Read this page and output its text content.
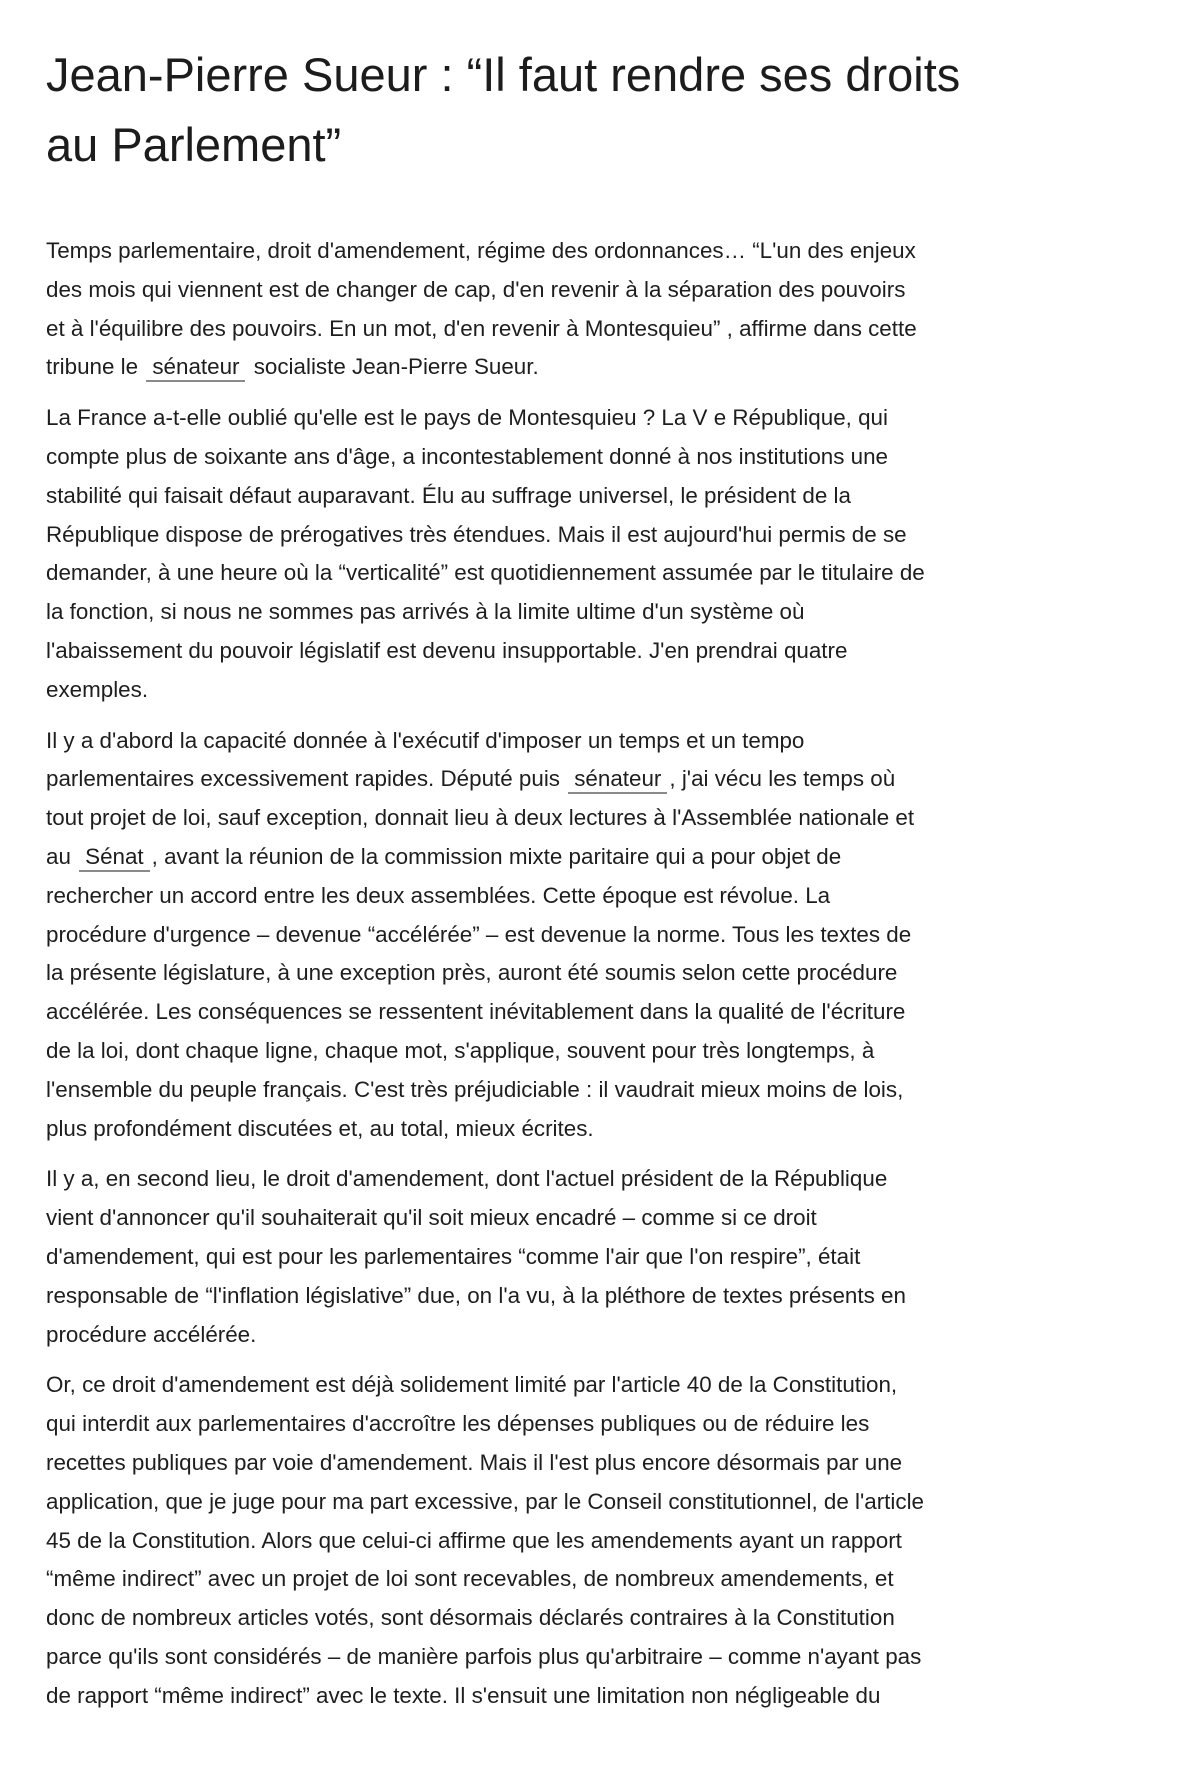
Jean-Pierre Sueur : “Il faut rendre ses droits
au Parlement”

Temps parlementaire, droit d'amendement, régime des ordonnances… “L'un des enjeux
des mois qui viennent est de changer de cap, d'en revenir à la séparation des pouvoirs
et à l'équilibre des pouvoirs. En un mot, d'en revenir à Montesquieu” , affirme dans cette
tribune le sénateur socialiste Jean-Pierre Sueur.

La France a-t-elle oublié qu'elle est le pays de Montesquieu ? La V e République, qui
compte plus de soixante ans d'âge, a incontestablement donné à nos institutions une
stabilité qui faisait défaut auparavant. Élu au suffrage universel, le président de la
République dispose de prérogatives très étendues. Mais il est aujourd'hui permis de se
demander, à une heure où la “verticalité” est quotidiennement assumée par le titulaire de
la fonction, si nous ne sommes pas arrivés à la limite ultime d'un système où
l'abaissement du pouvoir législatif est devenu insupportable. J'en prendrai quatre
exemples.

Il y a d'abord la capacité donnée à l'exécutif d'imposer un temps et un tempo
parlementaires excessivement rapides. Député puis sénateur , j'ai vécu les temps où
tout projet de loi, sauf exception, donnait lieu à deux lectures à l'Assemblée nationale et
au Sénat , avant la réunion de la commission mixte paritaire qui a pour objet de
rechercher un accord entre les deux assemblées. Cette époque est révolue. La
procédure d'urgence – devenue “accélérée” – est devenue la norme. Tous les textes de
la présente législature, à une exception près, auront été soumis selon cette procédure
accélérée. Les conséquences se ressentent inévitablement dans la qualité de l'écriture
de la loi, dont chaque ligne, chaque mot, s'applique, souvent pour très longtemps, à
l'ensemble du peuple français. C'est très préjudiciable : il vaudrait mieux moins de lois,
plus profondément discutées et, au total, mieux écrites.

Il y a, en second lieu, le droit d'amendement, dont l'actuel président de la République
vient d'annoncer qu'il souhaiterait qu'il soit mieux encadré – comme si ce droit
d'amendement, qui est pour les parlementaires “comme l'air que l'on respire”, était
responsable de “l'inflation législative” due, on l'a vu, à la pléthore de textes présents en
procédure accélérée.

Or, ce droit d'amendement est déjà solidement limité par l'article 40 de la Constitution,
qui interdit aux parlementaires d'accroître les dépenses publiques ou de réduire les
recettes publiques par voie d'amendement. Mais il l'est plus encore désormais par une
application, que je juge pour ma part excessive, par le Conseil constitutionnel, de l'article
45 de la Constitution. Alors que celui-ci affirme que les amendements ayant un rapport
“même indirect” avec un projet de loi sont recevables, de nombreux amendements, et
donc de nombreux articles votés, sont désormais déclarés contraires à la Constitution
parce qu'ils sont considérés – de manière parfois plus qu'arbitraire – comme n'ayant pas
de rapport “même indirect” avec le texte. Il s'ensuit une limitation non négligeable du
